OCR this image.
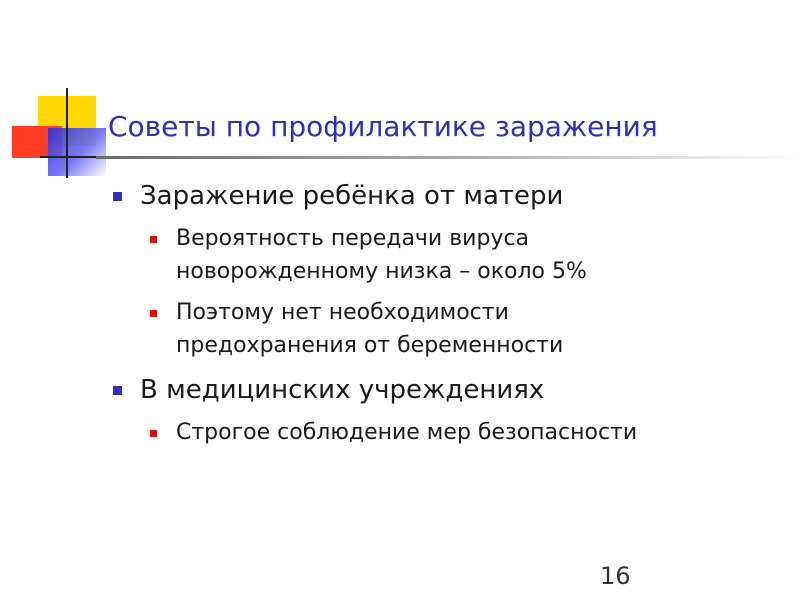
Советы по профилактике заражения
Заражение ребёнка от матери
Вероятность передачи вируса
новорожденному низка – около 5%
Поэтому нет необходимости
предохранения от беременности
В медицинских учреждениях
Строгое соблюдение мер безопасности
16
